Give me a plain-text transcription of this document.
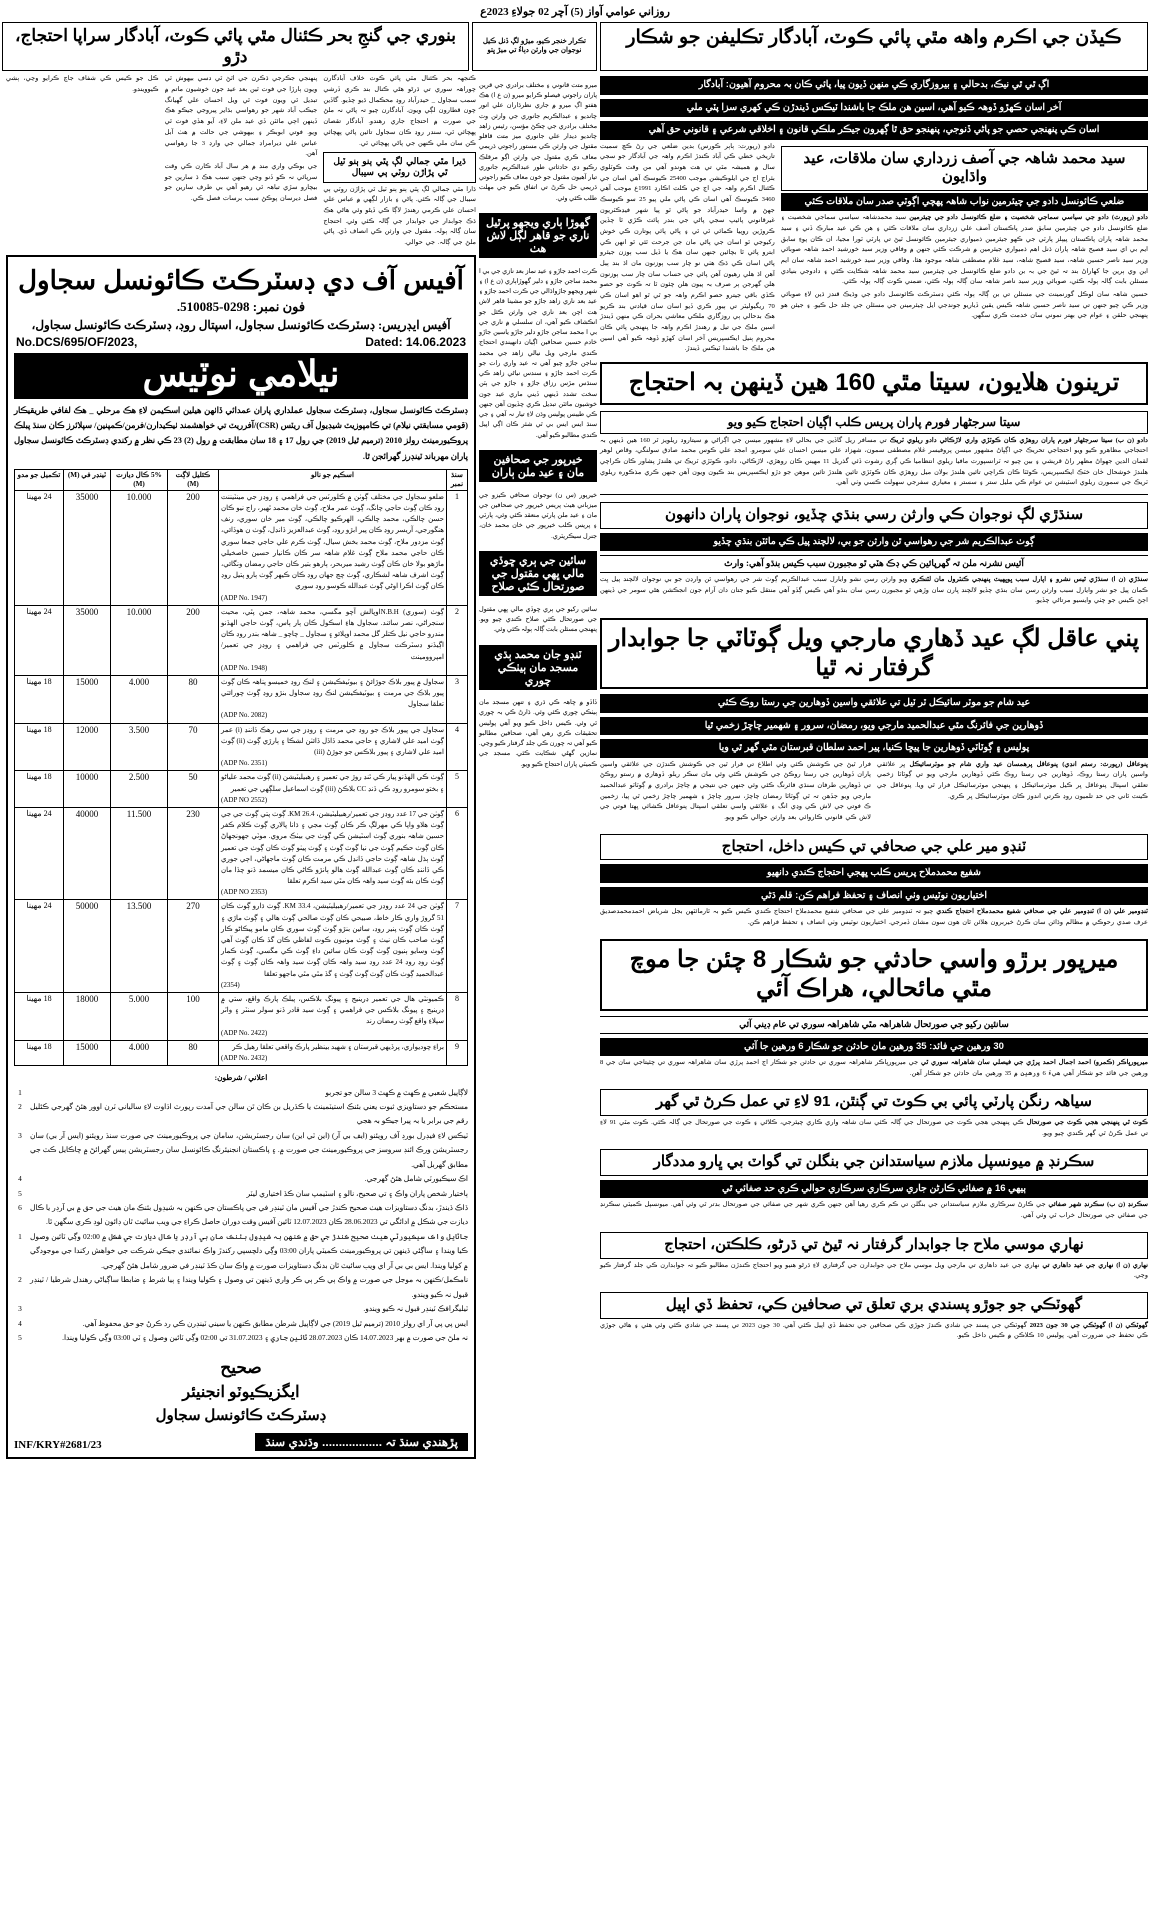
روزاني عوامي آواز (5) آچر 02 جولاءِ 2023ع
ڪيڏن جي اڪرم واهه مٿي پائي ڪوٽ، آبادگار تڪليفن جو شڪار
تڪرار خنجر ڪيو، ميڙو لڳ ڏنل ڪيل نوجوان جي وارثن دٻاءُ تي ميڙ ڀتو
بنوري جي گنجِ بحر ڪئنال مٿي پائي ڪوٽ، آبادگار سراپا احتجاج، دڙو
اڳ ٿي ٿي نيڪ، بدحالي ۽ بيروزگاري ڪي منهن ڏيون پيا، پائي ڪان بہ محروم آهيون: آبادگار
آخر اسان ڪهڙو ڏوهہ ڪيو آهي، اسين هن ملڪ جا باشندا ٽيڪس ڏيندڙن ڪي کهري سزا پٽي ملي
اسان ڪي پنهنجي حصي جو پاڻي ڏنوجي، پنهنجو حق ٿا ڳهرون جيڪر ملڪي قانون ۽ اخلاقي شرعي ۽ قانوني حق آهي
سيد محمد شاهہ جي آصف زرداري سان ملاقات، عيد واڌايون
ضلعي ڪائونسل دادو جي چيئرمين نواب شاهہ پهچي اڳوٽي صدر سان ملاقات ڪئي

دادو (رپورٽ) دادو جي سياسي سماجي شخصيت ۽ ضلع ڪائونسل دادو جي چيئرمين سيد محمدشاهہ سياسي سماجي شخصيت ۽ ضلع ڪائونسل دادو جي چيئرمين سابق صدر پاڪستان آصف علي زرداري سان ملاقات ڪئي ۽ هن ڪي عيد مبارڪ ڏني ۽ سيد محمد شاهہ پاران پاڪستان پيپلز پارٽي جي ڪهو جيئرمين ذميواري جيئرمين ڪائونسل ٿيڻ تي پارٽي ٽورا مجيا، ان ڪان پوءِ سابق ايم بي اي سيد فصيح شاهہ پاران ڌنل اهم ذميواري جيئرمين ۾ شرڪت ڪئي جنهن ۾ وفاقي وزير سيد خورشيد احمد شاهہ صوبائي وزير سيد ناصر حسين شاهہ، سيد قصيح شاهہ، سيد غلام مصطفى شاهہ موجود هئا، وفاقي وزير سيد خورشيد احمد شاهہ سان ايم اين وي ٻرين جا کهاراڻ بند تہ ٿيڻ جي بہ بن دادو ضلع ڪائونسل جي چيئرمين سيد محمد شاهہ شڪايت ڪئي ۽ دادوجي بنيادي مسئلن بابت ڳالہ ٻولہ ڪئي، صوبائي وزير سيد ناصر شاهہ سان ڳالہ ٻولہ ڪئي، ضمني ڪوٽ ڳالہ ٻولہ ڪئي.

حسين شاهہ سان لوڪل گورنمينٽ جي مسئلن تي بن ڳالہ ٻولہ ڪئي ڊسٽرڪٽ ڪائونسل دادو جي وڌيڪ قندز ڌين لاءِ صوبائي وزير ڪي چيو جنهن تي سيد ناصر حسين شاهہ ڪيس يقين ڏياريو جوندجي ايل چيئرمينن جي مسئلن جي جلد حل ڪيو. ۽ جيئن هو پنهنجي حلقن ۽ عوام جي بهتر نموني سان خدمت ڪري سگهن.

دادو (رپورٽ: ٻاٻر ڪورس) بدين ضلعي جي رڻ ڪچ سميت تاريخي خطي ڪي آباد ڪندڙ اڪرم واهہ جي آبادگار جو سجي سال ۾ هميشہ مٿي تي هت هوندو آهي من وقت ڪوٽلوي بئراج اڄ جي ايلوڪيشن موجب 25400 ڪيوسڪ آهي اسان جي ڪئنال اڪرم واهہ جي اڄ جي ڪلٽ اڪارڊ 1991ع موجب آهي 3460 ڪيوسڪ آهي اسان ڪي پاڻي ملي پيو 25 سو ڪيوسڪ جهڻ ۾ واسا حيدرآباد جو پاڻي ٿو پيا شهر فيڊڪٽريون غيرقانوني پائيپ سجي پاڻي جي بندر پائٽ ڪڙي ٿا چڏين ڪروڙين روپيا ڪمائي ٿي ٿي ۽ پاڻي پائي پوتارن ڪي خوش رکيوجي ٿو اسان جي پاڻي مان جن جرحت ٿئي ٿو انهن ڪي ابترو پائي ٿا بچائين جنهن سان هڪ يا ڏيل سب ٻوزن جيئرو پاڻي اسان ڪي ڌڪ هٺي نو چار سب ٻوزنون مان اڌ بند ٻيل آهن اڌ هلي رهيون آهن پائي جي حساب سان چار سب ٻوزنون هلن گهرجن ٻر صرف بہ پيون هلن چئون ٿا تہ ڪوٽ جو حصو ڪڏي باقي جيترو حصو اڪرم واهہ جو ٿي ٿو اهو اسان ڪي 70 ريگيوليٽر تي ٻيور ڪري ڏيو اسان سان قيادتي بند ڪريو هڪ بدحالي ٻي روزگاري ملڪي معاشي بحران ڪي منهن ڏيندڙ اسين ملڪ جي تيل ۾ رهندڙ اڪرم واهہ جا پنهنجي پائي ڪان محروم ٻنيل ايڪسپريس آخر اسان کهڙو ڏوهہ ڪيو آهي اسين هن ملڪ جا باشندا ٽيڪس ڏيندڙ.

ترينون هلايون، سيتا مٿي 160 هين ڏينهن بہ احتجاج
سيتا سرجڻهار فورم پاران پريس ڪلب اڳيان احتجاج ڪيو ويو

دادو (ن ب) سيتا سرجڻهار فورم پاران روهڙي ڪان ڪوٽڙي واري لاڙڪاڻي دادو ريلوي ٽريڪ تي مسافر ريل گاڏين جي بحالي لاءِ مشهور ميسن جي اڳراڻي ۾ سيتارود ريلويز ٿر 160 هين ڏينهن بہ احتجاجي مظاهرو ڪيو ويو احتجاجي تحريڪ جي اڳڀاڻ مشهور ميسن پروفيسر غلام مصطفى سمون، شهزاد علي ميسن احسان علي سومرو. امجد علي ڪوس محمد صادق سولنگي، وقاص لوهر لقمان الدين جهواڻ مظهر راڻ قريشي ۽ بين چيو تہ ٽرانسپورٽ مافيا ريلوي انتظاميا ڪي ڳري رشوت ڏئي گذريل 11 مهينن ڪان روهڙي، لاڙڪاڻي، دادو، ڪوٽڙي ٽريڪ تي هلندڙ پشاور ڪان ڪراچي هلندڙ خوشحال خان خٽڪ ايڪسپريس، ڪوئٽا ڪان ڪراچي تائين هلندڙ بولان ميل روهڙي ڪان ڪوٽڙي تائين هلندڙ تائين موهن جو دڙو ايڪسپريس بند ڪيون ويون آهن جنهن ڪري مذڪوره ريلوي ٽريڪ جي سمورن ريلوي اسٽيشن تي عوام ڪي مليل ستر ۽ سستر ۽ معياري سفرجي سهولت ڪسي وٺي آهي.

سنڌڙي لڳ نوجوان ڪي وارثن رسي بنڌي چڏيو، نوجوان پاران دانهون
ڳوٺ عبدالڪريم شر جي رهواسي ٿن وارثن جو بي، لالچند پيل ڪي مائٽن بنڌي چڏيو
آئيس نشرنہ ملن تہ گهرپائين ڪي ڊڪ هٽي ٿو مجبورن سبب ڪيس بنڌو آهي: وارث

سنڌڙي (ن ا) سنڌڙي ٿيس نشرو ۽ اپارل سبب ڀوڀهيٽ پنهنجي ڪنٽرول مان لٿنڪري ويو وارثن رسن نشو وايارل سبب عبدالڪريم ڳوٺ شر جي رهواسي ٿن وارڊن جو بي نوجوان لالچند پيل ڀت ڪمان پيل جو نشر وايارل سبب وارثن رسن سان بنڌي چڏيو لالچند ڀارن سان وڙهي ٿو مجبورن رسن سان بنڌو آهي ڪيس ڳڏو آهي منتقل ڪيو جتان دان آرام جون انجڪشن هڻي سومر جي ڏينهن اڄڻ ڪيس جو چٺي وايسيو مرتاڻي چڏيو.

پني عاقل لڳ عيد ڏهاري مارجي ويل ڳوٽاٽي جا جوابدار گرفتار نہ ٿيا
عيد شام جو موٽر سائيڪل ٽر ٽيل تي علائقي واسين ڏوهارين جي رستا روڪ ڪئي
ڏوهارين جي فائرنگ مٿي عبدالحميد مارجي ويو، رمضان، سرور ۽ شهمير چاچڙ زخمي ٿيا
پوليس ۽ ڳوٽاٽي ڏوهارين جا پيڇا ڪنيا، پير احمد سلطان قبرستان مٿي گهر ٿي ويا

پنوعاقل (رپورٽ: رستم انڊي) پنوعاقل پرهمسان عيد واري شام جو موٽرسائيڪل ڀر علائقي واسين پاران رستا روڪ، ڏوهارين جي رستا روڪ ڪئي ڏوهارين مارجي ويو تي ڳوٽاٽا زخمي تعلقي اسپتال پنوعاقل ڀر ڪيل موٽرسائيڪل ۽ پنهنجي موٽرسائيڪل فرار ٿي ويا. پنوعاقل جي ڪينٽ ٿاني جي حد تلميون روڊ ڪرتي اندوز ڪان موٽرسائيڪل ڀر ڪري.

فرار ٿيڻ جي ڪوشش ڪئي وئي اطلاع تي فرار ٿين جي ڪوشش ڪندڙن جي علائقي واسين پاران ڏوهارين جي رستا روڪڻ جي ڪوشش ڪئي وئي مان سڪر ريلو. ڏوهاري ۾ رستو روڪڻ تي ڏوهارين طرفان سنڌي فائرنگ ڪئي وئي جنهن جي نتيجي ۾ چاچڙ برادري ۾ ڳوٽاٽو عبدالحميد مارجي ويو جڏهن تہ ٿي ڳوٽاٽا رمضان چاچڙ، سرور چاچڙ ۽ شهمير چاچڙ زخمي ٿي پيا، زخمين ڪ فوتي جي لاش ڪي وڍي انگ ۽ علائقي واسي تعلقي اسپتال پنوعاقل ڪشائي ڀهتا فوتي جي لاش ڪي قانوني ڪاروائي بعد وارثن حوالي ڪيو ويو.

ٽنڊو مير علي جي صحافي تي ڪيس داخل، احتجاج
شفيع محمدملاح پريس ڪلب ڀهجي احتجاج ڪندي دانهيو
اختياريون نوٽيس وٺي انصاف ۽ تحفظ فراهم ڪن: قلم ڌڻي

ٽنڊومير علي (ن ا) ٽنڊومير علي جي صحافي شفيع محمدملاح احتجاج ڪندي چيو تہ ٽنڊومير علي جي صحافي شفيع محمدملاح احتجاج ڪندي ڪيس ڪيو بہ ٿارمائٽهن بجل شرياض احمدمحمدصديق عرف صدي رحوڪي ۾ مظالم وڌائن سان ڪرڻ خيربرون هلائن ٿان هون سون مشان ڏمرجي. اختياريون نوٽيس وٺي انصاف ۽ تحفظ فراهم ڪن.

ميرپور برڙو واسي حادثي جو شڪار 8 چئن جا موچ مٿي مائحالي، هراڪ آئي
سانئين رکيو جي صورتحال شاهراهہ مٿي شاهراهہ سوري تي عام ڊيني آئي
30 ورهين جي فائد: 35 ورهين مان حادثن جو شڪار 6 ورهين جا آئي

ميرپورڀاڪر (ڪمرو) احمد اجمال احمد پرڙي جي فيصلي سان شاهراهہ سوري ٿي جي ميرپورڀاڪر شاهراهہ سوري تي حادثن جو شڪار اڄ احمد پرڙي سان شاهراهہ سوري تي چئيتاجي سان جي 8 ورهين جي فائد جو شڪار آهي هيءَ 6 ورهين ۾ 35 ورهين مان حادثن جو شڪار آهن.

سياهہ رنگن پارٽي پائي بي ڪوٽ تي ڳنٿن، 91 لاءِ تي عمل ڪرڻ ٿي گهر

ڪوٽ ٿي پنهنجي هجي ڪوٽ جي صورتحال ڪي پنهنجي هجي ڪوٽ جي صورتحال جي ڳالہ ڪئي سان شاهہ واري ڪاري چيئرجي، ڪلاڻي ۽ ڪوٽ جي صورتحال جي ڳالہ ڪئي. ڪوٽ مٿي 91 لاءِ تي عمل ڪرڻ ٿي گهر ڪندي چيو ويو.

سڪرنڊ ۾ ميونسپل ملازم سياستدانن جي بنگلن تي گواٽ بي ڀارو مددگار
ٻيهي 16 ۾ صفائي ڪارڻن جاري سرڪاري سرڪاري حوالي ڪري حد صفائي ٿي

سڪرنڊ (ن ب) سڪرنڊ شهر صفائي جي ڪارڻ سرڪاري ملازم سياستدانن جي بنگلن تي ڪم ڪري رهيا آهن جنهن ڪري شهر جي صفائي جي صورتحال بدتر ٿي وئي آهي. ميونسپل ڪميٽي سڪرنڊ جي صفائي جي صورتحال خراب ٿي وئي آهي.

نهاري موسي ملاح جا جوابدار گرفتار نہ ٿيڻ تي ڌرڻو، ڪلڪتن، احتجاج

نهاري (ن ا) نهاري جي عيد داهاري تي نهاري جي عيد داهاري تي مارجي ويل موسي ملاح جي جوابدارن جي گرفتاري لاءِ ڌرڻو هنيو ويو احتجاج ڪندڙن مطالبو ڪيو تہ جوابدارن ڪي جلد گرفتار ڪيو وڃي.

گهوٽڪي جو جوڙو پسندي بري تعلق تي صحافين ڪي، تحفظ ڏي اپيل

گهوٽڪي (ن ا) گهوٽڪي جي 30 جون 2023 گهوٽڪي جي پسند جي شادي ڪندڙ جوڙي ڪي صحافين جي تحفظ ڏي اپيل ڪئي آهي. 30 جون 2023 تي پسند جي شادي ڪئي وئي هئي ۽ هاڻي جوڙي ڪي تحفظ جي ضرورت آهي. پوليس 10 ڪلاڪن ۾ ڪيس داخل ڪيو.

ميرو متت قانوني ۽ مختلف برادري جي قرين پاران راجوتي فيصلو ڪرايو ميرو (ن ع ا) هڪ هفتو اڳ ميرو ۾ جاري نظرڌاران علي انور چانديو ۽ عبدالڪريم جانوري جي وارثن وٽ مختلف برادري جي چڪڻ مؤسن، رئيس زاهد چانديو ديدار علي جانوري ميز متت قافلو مقتول جي وارثن ڪي مستور راجوتي ڌريمي معاف ڪري مقتول جي وارثن اڳو مرقلڪ رڪيو دي حادثاتي طور عبدالڪريم جانوري تيار آهيون مقتول جو خون معاف ڪيو راجوتي ڌريمي حل ڪرڻ تي اتفاق ڪيو جي مهلت طلب ڪئي وئي.

گهوڙا ٻاري ويجهو پرٿيل ناري جو قاهر لڳل لاش هٺ

ڪرت احمد جاڙو ۽ عيد نماز بعد نازي جي بي ا محمد ساجن جاڙو ۽ دلير گهوڙاٻاري (ن ع ا) ۽ شهر ويجهو جاڙواڌالي جي ڪرت احمد جاڙو ۽ عيد بعد ناري زاهد جاڙو جو مشينا قاهر لاش هت اچن بعد ناري جي وارثن ڪئل جو انڪشاف ڪيو آهي، ان سلسلي ۾ ناري جي بي ا محمد ساجن جاڙو دلير جاڙو ياسين جاڙو خادم حسين صحافين اڳيان دانهيندي احتجاج ڪندي مارجي ويل نيالي زاهد جي محمد ساجن جاڙو چيو آهي تہ عيد واري رات جو ڪرت احمد جاڙو ۽ سندس نياڻي زاهد ڪي سنڌس مڙس رزاق جاڙو ۽ جاڙو جي ٻٽن سخت تشدد ڏينهي ڏيني ماري عيد جون خوشيون مائٽن تبديل ڪري چڏيون آهن جنهن ڪي طيبس پوليس وڌن لاءِ تيار نہ آهي ۽ جي سنڌ ايس ايس بي ٿي شئر ڪان اڳي اپيل ڪندي مطالبو ڪيو آهي.

خيرپور جي صحافين مان ۽ عيد ملن ٻاران

خيرپور (س ن) نوجوان صحافي ڪيزو جي ميزباني هيٺ پريس خيرپور جي صحافين جي مان ۽ عيد ملن پارٽي منعقد ڪئي وئي، پارٽي ۽ پريس ڪلب خيرپور جي خان محمد خان، جنرل سيڪريٽري.

سائين جي ٻري ڇوڏي مالي ڀهي مقتول جي صورتحال ڪئي صلاح

سائين رکيو جي ٻري ڇوڏي مالي ڀهي مقتول جي صورتحال ڪئي صلاح ڪندي چيو ويو. پنهنجي مسئلن بابت ڳالہ ٻولہ ڪئي وئي.

ٽنڊو جان محمد ٻڌي مسجد مان ٻيٺڪي چوري

ڏاڏو ۾ ڇاهہ ڪي ڌري ۽ تنهن مسجد مان ٻيٺڪي چوري ڪئي وئي. ڌارڻ ڪي بہ چوري ٿي وئي. ڪيس داخل ڪيو ويو آهي پوليس تحقيقات ڪري رهي آهي، صحافين مطالبو ڪيو آهي تہ چورن ڪي جلد گرفتار ڪيو وڃي. نمازين گهڻي شڪايت ڪئي. مسجد جي ڪميٽي پاران احتجاج ڪيو ويو.

ڪنجهہ بحر ڪئنال مٿي پائي ڪوٽ خلاف آبادگارن چوراهہ سوري تي ڌرڻو هڻي ڪنال بند ڪري ڏرشي سمب سجاول _ حيدرآباد روڊ محڪمال ڌيو چڏيو. گاڏين چون قطارون لڳي ويون. آبادگارن چيو تہ پاڻي نہ ملڻ جي صورت ۾ احتجاج جاري رهندو. آبادگار تقصان پهچائي ٿي، سندر روڊ ڪان سجاول تائين پاڻي پهچائي ڪن سان ملي ڪنهن جي پاڻي پهچائي ٿي.

ڌيرا مٿي جمالي لڳ پٿي ٻنو ٻنو ٽيل ٿي پڙاڙن روٽي ٻي سيبال

ڌارا مٿي جمالي لڳ پٿي ٻنو ٻنو ٽيل ٿي پڙاڙن روٽي ٻي سيبال جي ڳالہ ڪئي. پاڻي ۽ بازار لڳهي ۾ عباس علي احسان علي ڪرمي رهندڙ لاڳا ڪي ڏيڻو وئي هاڻي هڪ ڌڪ جوابدار جي جوابدار جي ڳالہ ڪئي وئي. احتجاج سان ڳالہ ٻولہ. مقتول جي وارثن ڪي انصاف ڏي. پاڻي ملڻ جي ڳالہ. جي حوالي.

پنهنجي جڪرجي ڌڪرن جي اٿڻ ٿي دسي بيهوش ٿي ويون ٻارڙا جي فوت ٿين بعد عيد جون خوشيون ماتم ۾ تبديل ٿي ويون فوت ٿي ويل احسان علي گهيانگ جيڪب آباد شهر جو رهواسي بڌاير پيروجي جيڪو هڪ ڏينهن اڄي مائٽن ڏي عيد ملن لاءِ، آيو هڏي فوت ٿي ويو. فوتي ابوبڪر ۽ بيهوشي جي حالت ۾ هٺ آبل عباس علي ديرامراڊ جمالي جي وارڊ 3 جا رهواسي آهن.

جي بوڪي واري مند ۾ هر سال آباد ڪارن ڪي وقت سرپائي نہ ڪو ڏنو وڃي جنهن سبب هڪ ڌ سارين جو بيچارو سڙي تباهہ ٿي رهيو آهي بي طرف سارين جو فصل ديرسان پوڪڻ سبب برسات فصل ڪي.

ڪل جو ڪيس ڪي شفاف جاچ ڪرايو وڃي، ٻشي ڪيوويندو.

آفيس آف دي ڊسٽرڪٽ ڪائونسل سجاول
فون نمبر: 0298-510085.
آفيس ايڊريس: ڊسٽرڪٽ ڪائونسل سجاول، اسپتال روڊ، ڊسٽرڪٽ ڪائونسل سجاول،
No.DCS/695/OF/2023,	Dated: 14.06.2023
نيلامي نوٽيس
ڊسٽرڪٽ ڪائونسل سجاول، ڊسٽرڪٽ سجاول عملداري پاران عمدائي ڏاٺهن هيلين اسڪيمن لاءِ هڪ مرحلي _ هڪ لفافي طريقيڪار (قومي مسابقتي نيلام) تي ڪامپوزيٽ شيڊيول آف ريٽس (CSR)/آفرريٽ تي خواهشمند ٺيڪيدارن/فرمن/ڪمپنين/ سپلائرز ڪان سنڌ پبلڪ پروڪيورمينٽ رولز 2010 (ترميم ٿيل 2019) جي رول 17 ۽ 18 سان مطابقت ۾ رول (2) 23 ڪي نظر ۾ رکندي ڊسٽرڪٽ ڪائونسل سجاول پاران مهرباند ٽينڊرز گهرائجن ٿا.
تڪميل جو مدو	ٽينڊر في (M)	5% ڪال ديازت (M)	ڪئليل لاڳت (M)	اسڪيم جو نالو	سنڌ نمبر
24 مهينا	35000	10.000	200	ضلعو سجاول جي مختلف ڳوٺن ۾ ڪلورٽس جي فراهمي ۽ روڊز جي مينٽيننٽ روڊ ڪان ڳوٺ حاجي چانگ، ڳوٺ عمر ملاح، ڳوٺ خان محمد ٿهير، راج نيو ڪان حسن چالڪي، محمد چالڪي، الهرڪيو چالڪي، ڳوٺ مير خان سوري، رنف هنگورجي، آريسر روڊ ڪان پير ابڙو روڊ، ڳوٺ عبدالعزيز ڏانڊل، ڳوٺ ن هوڏائي، ڳوٺ مزدور ملاح، ڳوٺ محمد بخش سيال، ڳوٺ ڪرم علي حاجي جمعا سوري ڪان حاجي محمد ملاح ڳوٺ غلام شاهہ سر ڪان ڪانيار حسين خاصخيلي ماڙهو بولا خان ڪان ڳوٺ رشيد ميربحر، ٻارهو بتير ڪان حاجي رمضان ونگائي، ڳوٺ اشرف شاهہ لشڪاري، ڳوٺ چڃ جهان روڊ ڪان ڪيهر ڳوٺ ٻارو پتيل روڊ ڪان ڳوٺ اڪرا اوڻي ڳوٺ عبدالله ڪوسو روڊ سوري
(ADP No. 1947)	1
24 مهينا	35000	10.000	200	ڳوٺ (سوري) N.B.Hاوپالش آچو مگسي، محمد شاهہ، جمن پٿي، محيت سنجراڻي، نصر سائند. سجاول هاءِ اسڪول ڪان ٻار ٻاس، ڳوٺ حاجي الهڏنو مندرو حاجي نيل ڪتلر گل محمد اوپلائو ۽ سجاول _ چاچو _ شاهہ بندر روڊ ڪان اڳيڏنو ڊسٽرڪٽ سجاول ۾ ڪلورٽس جي فراهمي ۽ روڊز جي تعمير/امپروومينٽ
(ADP No. 1948)	2
18 مهينا	15000	4.000	80	سجاول ۾ پيور بلاڪ جوڙائڻ ۽ بيوٽيفڪيشن ۽ لنڪ روڊ خميسو پناهہ ڪان ڳوٺ پيور بلاڪ جي مرمت ۽ بيوٽيفڪيشن لنڪ روڊ سجاول بنڙو روڊ ڳوٺ چورائتي تعلقا سجاول
(ADP No. 2082)	3
18 مهينا	12000	3.500	70	سجاول جي پيور بلاڪ جو روڊ جي مرمت ۽ روڊز جي سي رهڪ ڏاننڊ (i) عمر ڳوٺ اميد علي لاشاري ۽ حاجي محمد ڏاڏل ڏائٺن لشڪا ۽ ٻارڙي ڳوٺ (ii) ڳوٺ اميد علي لاشاري ۽ پيور بلاڪس جو جوڙڻ (iii)
(ADP No. 2351)	4
18 مهينا	10000	2.500	50	ڳوٺ ڪي الهڏنو پيار ڪي ٿنڊ روڙ جي تعمير ۽ رهبيليٽيشن (ii) ڳوٺ محمد علياڻو ۽ بختو سومرو روڊ ڪي ڏنڊ CC بلاڪڻ (iii) ڳوٺ اسماعيل سلڳهي جي تعمير
(ADP NO 2552)	5
24 مهينا	40000	11.500	230	ڳوٺن جي 17 عدد روڊز جي تعمير/رهبيليٽيشن، 26.4 KM. ڳوٺ پتي ڳوٺ جي جي ڳوٺ هلاو واپا ڪي مهرلڳ ڪر ڪان ڳوٺ مجي ۽ ڌانا پالاري ڳوٺ ڪلام ڪفر حسين شاهہ بنوري ڳوٺ اسٽيشن ڪي ڳوٺ جي بيٺڪ مروي. موٽي جهونجهاڻ ڪان ڳوٺ حڪيم ڳوٺ جي نيا ڳوٺ ڳوٺ ۽ ڳوٺ پيٺو ڳوٺ ڪان ڳوٺ جي تعمير ڳوٺ ٻڌل شاهہ ڳوٺ حاجي ڏانڊل ڪي مرمت ڪان ڳوٺ ماجھاڻي، اڄي جوري ڪي ڏاننڊ ڪان ڳوٺ عبدالله ڳوٺ هالو ٻانڙو ڪاڻي ڪان ميسمد ڏنو چڏا مان ڳوٺ ڪان بئه ڳوٺ سيد واهہ ڪان مٿي سيد اڪرم تعلقا
(ADP NO 2353)	6
24 مهينا	50000	13.500	270	ڳوٺن جي 24 عدد روڊز جي تعمير/رهبيليٽيشن، 33.4 KM. ڳوٺ ڌارو ڳوٺ ڪان 51 گروڙ واري ڪار خاط، صبيحي ڪان ڳوٺ صالحي ڳوٺ هالي ۽ ڳوٺ ماڙي ۽ ڳوٺ ڪان ڳوٺ پنير روڊ، سائين بنڙو ڳوٺ ڳوٺ سوري ڪان مامو پيڪاڻو ڪار ڳوٺ صاحب ڪان نيٺ ۽ ڳوٺ مونيون ڪوٽ لفاظي ڪان گڏ ڪان ڳوٺ آهي ڳوٺ وسايو ٻنيون ڳوٺ ڳوٺ ڪان سائين داءِ ڳوٺ ڪي مگسي، ڳوٺ ڪمار ڳوٺ روڊ روڊ 24 عدد روڊ سيد واهہ ڪان ڳوٺ سيد واهہ ڪان ڳوٺ ۽ ڳوٺ عبدالحميد ڳوٺ ڪان ڳوٺ ڳوٺ ڳوٺ ۽ گڏ مٿي مٿي ماجهو تعلقا
(2354)	7
18 مهينا	18000	5.000	100	ڪميونٽي هال جي تعمير ڊرينيج ۽ پيونگ بلاڪس، پبلڪ پارڪ واقع، ستي ۾ ڊرينيج ۽ پيونگ بلاڪس جي فراهمي ۽ ڳوٺ سيد قادر ڏنو سولر سنٽر ۽ واٽر سپلاءِ واقع ڳوٺ رمضان رند
(ADP No. 2422)	8
18 مهينا	15000	4.000	80	براءِ چوديواري، پرڏيهي قبرستان ۽ شهيد بينظير پارڪ واقعي تعلقا رهيل ڪر
(ADP No. 2432)	9
اعلاني / شرطون:
1	لاڳاپيل شعبي ۾ ڪهٽ ۾ ڪهٽ 3 سالن جو تجربو
2	مستحڪم جو دستاويزي ثبوت يعني بئنڪ استيٽمينٽ يا ڪڏريل بن ڪان ٿن سالن جي آمدت رپورٽ اڌاوت لاءِ سالياني ٽرن اوور هئڻ گهرجي ڪئليل رقم جي برابر يا بہ پيرا جيڪو بہ هجي
3	ٽيڪس لاءِ فيڊرل بورڊ آف رويئنو (ايف بي آر) (اين ٽي اين) سان رجسٽريشن، سامان جي پروڪيورمينٽ جي صورت سنڌ رويئنو (ايس آر بي) سان رجسٽريشن ورڪ ائنڊ سروسز جي پروڪيورمينٽ جي صورت ۾. ۽ پاڪستان انجنيئرنگ ڪائونسل سان رجسٽريشن ٻيس گهرائڻ ۾ چاڪايل ڪٽ جي مطابق گهربل آهي.
4	اڪ سيڪيورٽي شامل هئڻ گهرجي.
5	ٻاختيار شخص پاران واڪ ۽ تي صحيح، نالو ۽ اسٽيمپ سان ڪڏ اختياري ليٽر
6	ڏاڪ ڏيندڙ، بدنگ دستاويزات هيٺ صحيح ڪندڙ جي آفيس مان ٽينڊر في جي پاڪستان جي ڪنهن بہ شيڊول بئنڪ مان هيٺ جي حق ۾ بي آرڊر يا ڪال ديازت جي شڪل ۾ ادائگي تي 28.06.2023 ڪان 12.07.2023 ٽائين آفيس وقت دوران حاصل ڪراءِ جي ويب سائيٽ ٿان ڊائون لوڊ ڪري سگهن ٿا.
1	جاٽايل واڪ سيڪيورٽي هيٺ صحيح ڪندڙ جي حق ۾ ڪنهن بہ شيڊول بئنڪ مان بي آرڊر يا ڪال ديازت جي شڪل ۾ 02:00 وڳي ٽائين وصول ڪيا ويندا ۽ ساڳئي ڏينهن تي پروڪيورمينٽ ڪميٽي پاران 03:00 وڳي دلچسپي رکندڙ واڪ نمائندي جيڪي شرڪت جي خواهش رکندا جي موجودگي ۾ کوليا ويندا. ايس بي بي آر اي ويب سائيٽ ٿان بدنگ دستاويزات صورت ۾ واڪ سان ڪڏ ٽينڊر في ضرور شامل هئڻ گهرجي.
2	نامڪمل/ڪنهن بہ موجل جي صورت ۾ واڪ ٻي ڪر ٻي ڪر واري ڏينهن تي وصول ۽ ڪوليا ويندا ۽ ٻيا شرط ۽ ضابطا ساڳياڻي رهندل شرطيا / ٽينڊر قبول نہ ڪيو ويندو.
3	ٽيليگرافڪ ٽينڊر قبول نہ ڪيو ويندو.
4	ايس پي پي آر اي رولز 2010 (ترميم ٿيل 2019) جي لاڳاپيل شرطن مطابق ڪنهن يا سيني ٽينڊرن ڪي رد ڪرڻ جو حق محفوظ آهي.
5	نہ ملڻ جي صورت ۾ بهر 14.07.2023 ڪان 28.07.2023 ٽائين جاري ۽ 31.07.2023 تي 02:00 وڳي ٽائين وصول ۽ ٽي 03:00 وڳي ڪوليا ويندا.
صحيح
ايگزيڪيوٽو انجنيئر
ڊسٽرڪٽ ڪائونسل سجاول
پڙهندي سنڌ تہ .................. وڌندي سنڌ
INF/KRY#2681/23
